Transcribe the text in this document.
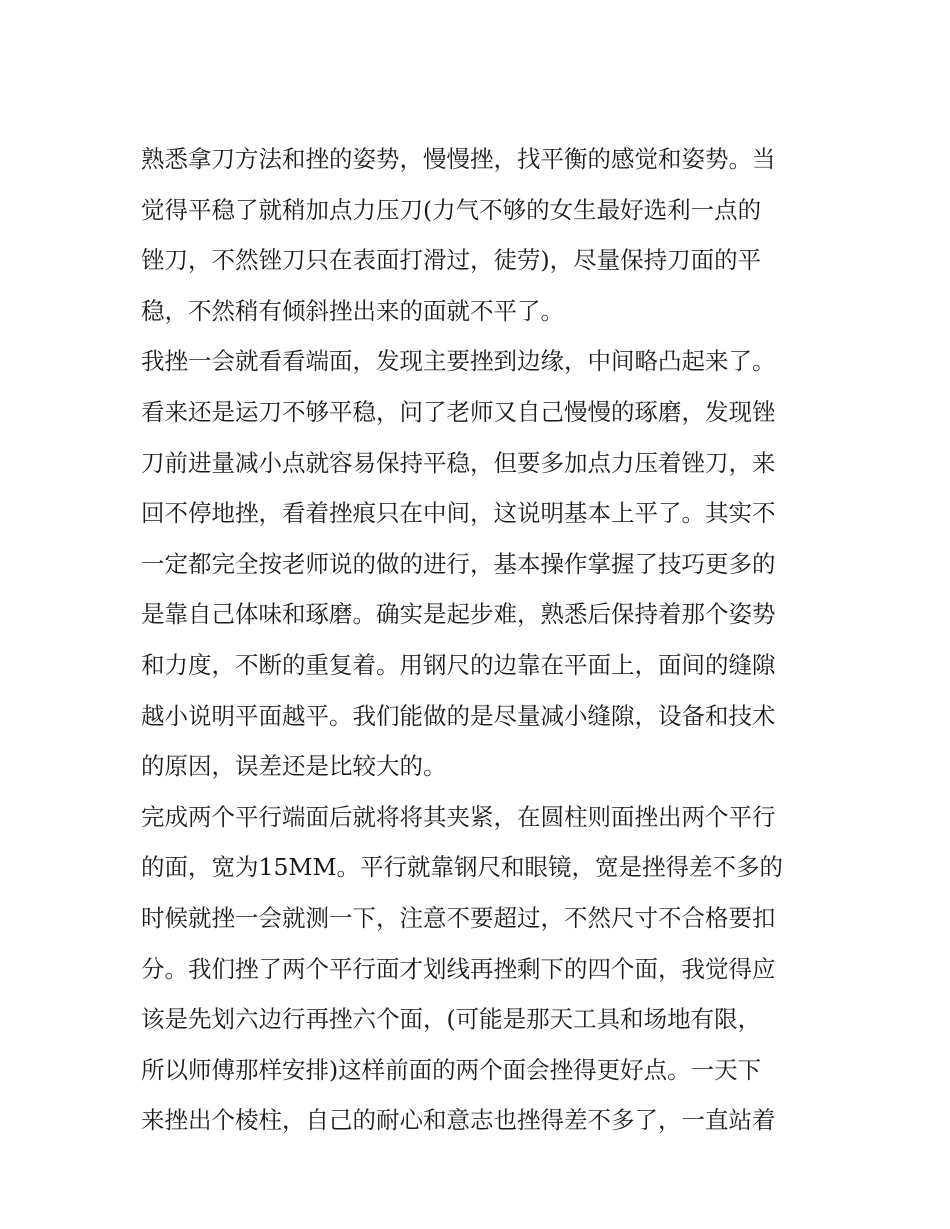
熟悉拿刀方法和挫的姿势，慢慢挫，找平衡的感觉和姿势。当
觉得平稳了就稍加点力压刀(力气不够的女生最好选利一点的
锉刀，不然锉刀只在表面打滑过，徒劳)，尽量保持刀面的平
稳，不然稍有倾斜挫出来的面就不平了。
我挫一会就看看端面，发现主要挫到边缘，中间略凸起来了。
看来还是运刀不够平稳，问了老师又自己慢慢的琢磨，发现锉
刀前进量减小点就容易保持平稳，但要多加点力压着锉刀，来
回不停地挫，看着挫痕只在中间，这说明基本上平了。其实不
一定都完全按老师说的做的进行，基本操作掌握了技巧更多的
是靠自己体味和琢磨。确实是起步难，熟悉后保持着那个姿势
和力度，不断的重复着。用钢尺的边靠在平面上，面间的缝隙
越小说明平面越平。我们能做的是尽量减小缝隙，设备和技术
的原因，误差还是比较大的。
完成两个平行端面后就将将其夹紧，在圆柱则面挫出两个平行
的面，宽为15MM。平行就靠钢尺和眼镜，宽是挫得差不多的
时候就挫一会就测一下，注意不要超过，不然尺寸不合格要扣
分。我们挫了两个平行面才划线再挫剩下的四个面，我觉得应
该是先划六边行再挫六个面，(可能是那天工具和场地有限，
所以师傅那样安排)这样前面的两个面会挫得更好点。一天下
来挫出个棱柱，自己的耐心和意志也挫得差不多了，一直站着
